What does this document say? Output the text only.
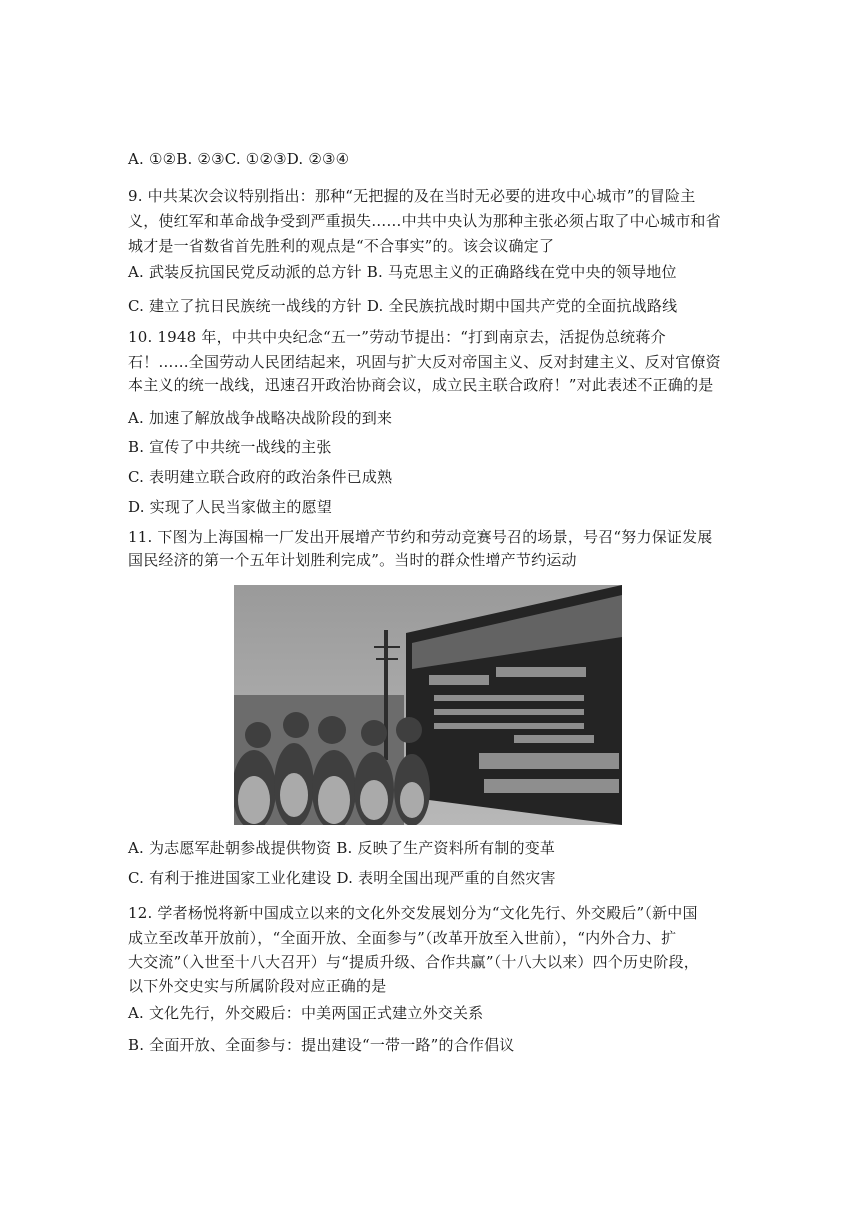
A. ①②B. ②③C. ①②③D. ②③④
9. 中共某次会议特别指出：那种“无把握的及在当时无必要的进攻中心城市”的冒险主
义，使红军和革命战争受到严重损失……中共中央认为那种主张必须占取了中心城市和省
城才是一省数省首先胜利的观点是“不合事实”的。该会议确定了
A. 武装反抗国民党反动派的总方针 B. 马克思主义的正确路线在党中央的领导地位
C. 建立了抗日民族统一战线的方针 D. 全民族抗战时期中国共产党的全面抗战路线
10. 1948 年，中共中央纪念“五一”劳动节提出：“打到南京去，活捉伪总统蒋介
石！……全国劳动人民团结起来，巩固与扩大反对帝国主义、反对封建主义、反对官僚资
本主义的统一战线，迅速召开政治协商会议，成立民主联合政府！”对此表述不正确的是
A. 加速了解放战争战略决战阶段的到来
B. 宣传了中共统一战线的主张
C. 表明建立联合政府的政治条件已成熟
D. 实现了人民当家做主的愿望
11. 下图为上海国棉一厂发出开展增产节约和劳动竞赛号召的场景，号召“努力保证发展
国民经济的第一个五年计划胜利完成”。当时的群众性增产节约运动
A. 为志愿军赴朝参战提供物资 B. 反映了生产资料所有制的变革
C. 有利于推进国家工业化建设 D. 表明全国出现严重的自然灾害
12. 学者杨悦将新中国成立以来的文化外交发展划分为“文化先行、外交殿后”（新中国
成立至改革开放前），“全面开放、全面参与”（改革开放至入世前），“内外合力、扩
大交流”（入世至十八大召开）与“提质升级、合作共赢”（十八大以来）四个历史阶段，
以下外交史实与所属阶段对应正确的是
A. 文化先行，外交殿后：中美两国正式建立外交关系
B. 全面开放、全面参与：提出建设“一带一路”的合作倡议
